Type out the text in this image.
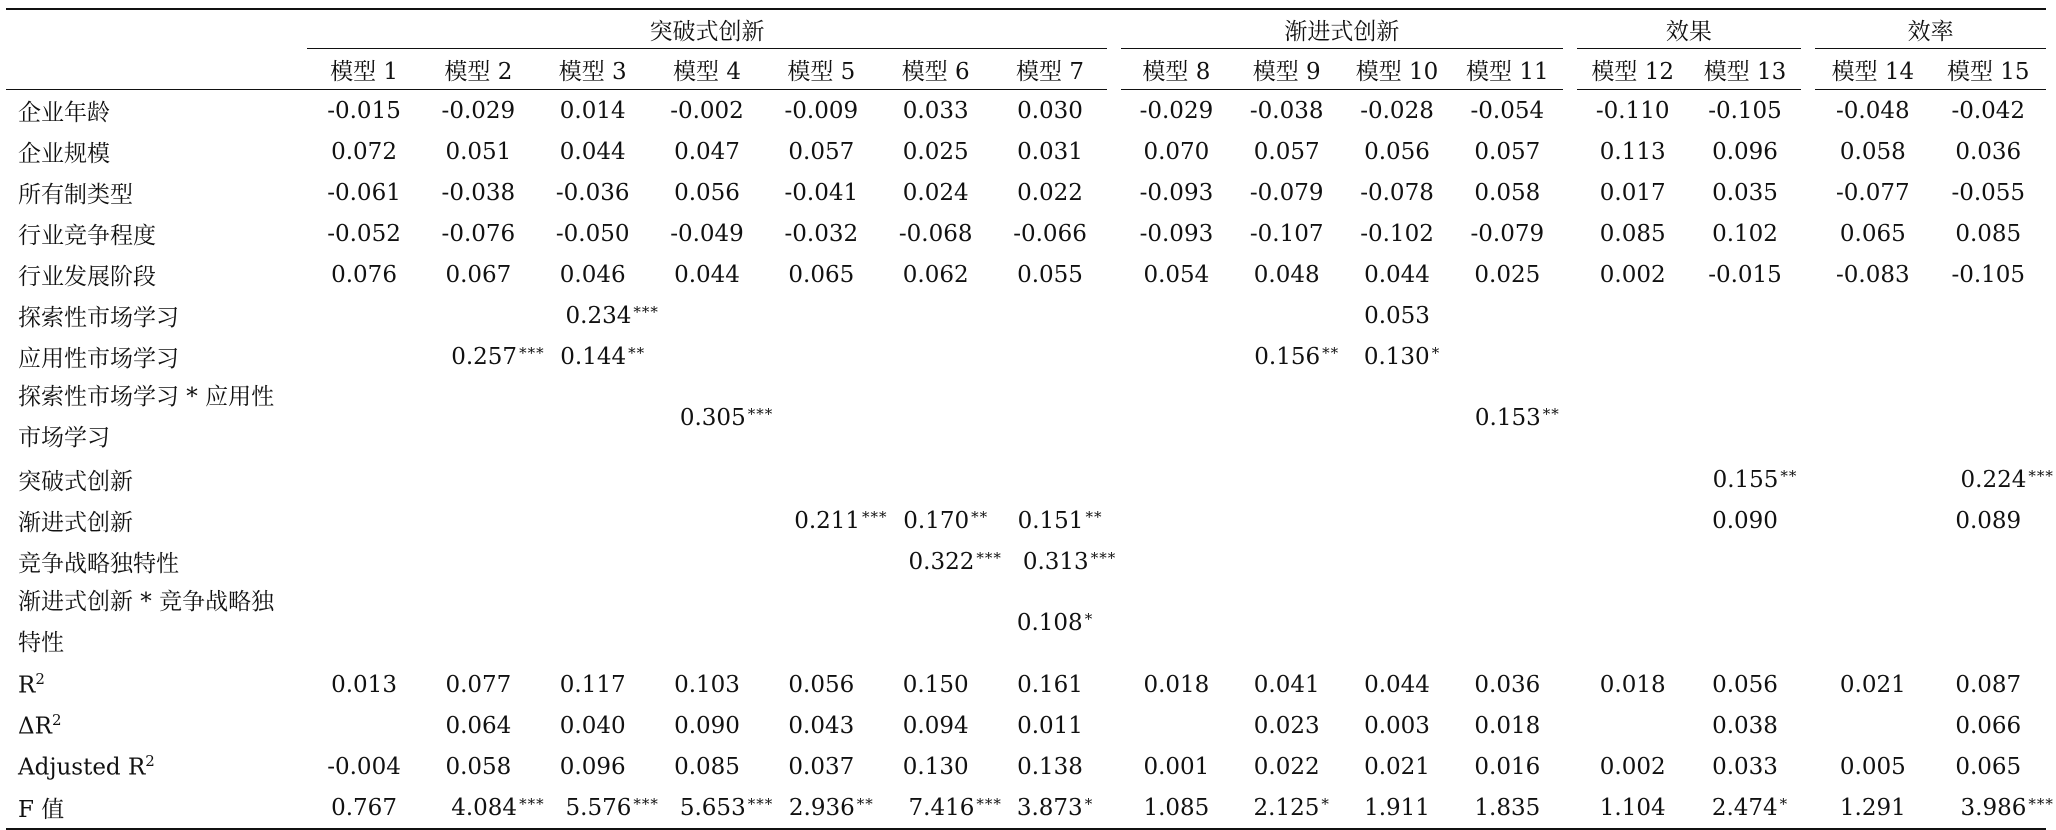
	突破式创新								渐进式创新					效果			效率	
	模型 1	模型 2	模型 3	模型 4	模型 5	模型 6	模型 7		模型 8	模型 9	模型 10	模型 11		模型 12	模型 13		模型 14	模型 15
企业年龄	-0.015	-0.029	0.014	-0.002	-0.009	0.033	0.030		-0.029	-0.038	-0.028	-0.054		-0.110	-0.105		-0.048	-0.042
企业规模	0.072	0.051	0.044	0.047	0.057	0.025	0.031		0.070	0.057	0.056	0.057		0.113	0.096		0.058	0.036
所有制类型	-0.061	-0.038	-0.036	0.056	-0.041	0.024	0.022		-0.093	-0.079	-0.078	0.058		0.017	0.035		-0.077	-0.055
行业竞争程度	-0.052	-0.076	-0.050	-0.049	-0.032	-0.068	-0.066		-0.093	-0.107	-0.102	-0.079		0.085	0.102		0.065	0.085
行业发展阶段	0.076	0.067	0.046	0.044	0.065	0.062	0.055		0.054	0.048	0.044	0.025		0.002	-0.015		-0.083	-0.105
探索性市场学习			0.234 ***								0.053							
应用性市场学习		0.257 ***	0.144 **							0.156 **	0.130 *							
探索性市场学习 * 应用性
市场学习				0.305 ***								0.153 **						
突破式创新															0.155 **			0.224 ***
渐进式创新					0.211 ***	0.170 **	0.151 **								0.090			0.089
竞争战略独特性						0.322 ***	0.313 ***											
渐进式创新 * 竞争战略独
特性							0.108 *											
$R^2$	0.013	0.077	0.117	0.103	0.056	0.150	0.161		0.018	0.041	0.044	0.036		0.018	0.056		0.021	0.087
$\Delta R^2$		0.064	0.040	0.090	0.043	0.094	0.011			0.023	0.003	0.018			0.038			0.066
Adjusted $R^2$	-0.004	0.058	0.096	0.085	0.037	0.130	0.138		0.001	0.022	0.021	0.016		0.002	0.033		0.005	0.065
F 值	0.767	4.084 ***	5.576 ***	5.653 ***	2.936 **	7.416 ***	3.873 *		1.085	2.125 *	1.911	1.835		1.104	2.474 *		1.291	3.986 ***
